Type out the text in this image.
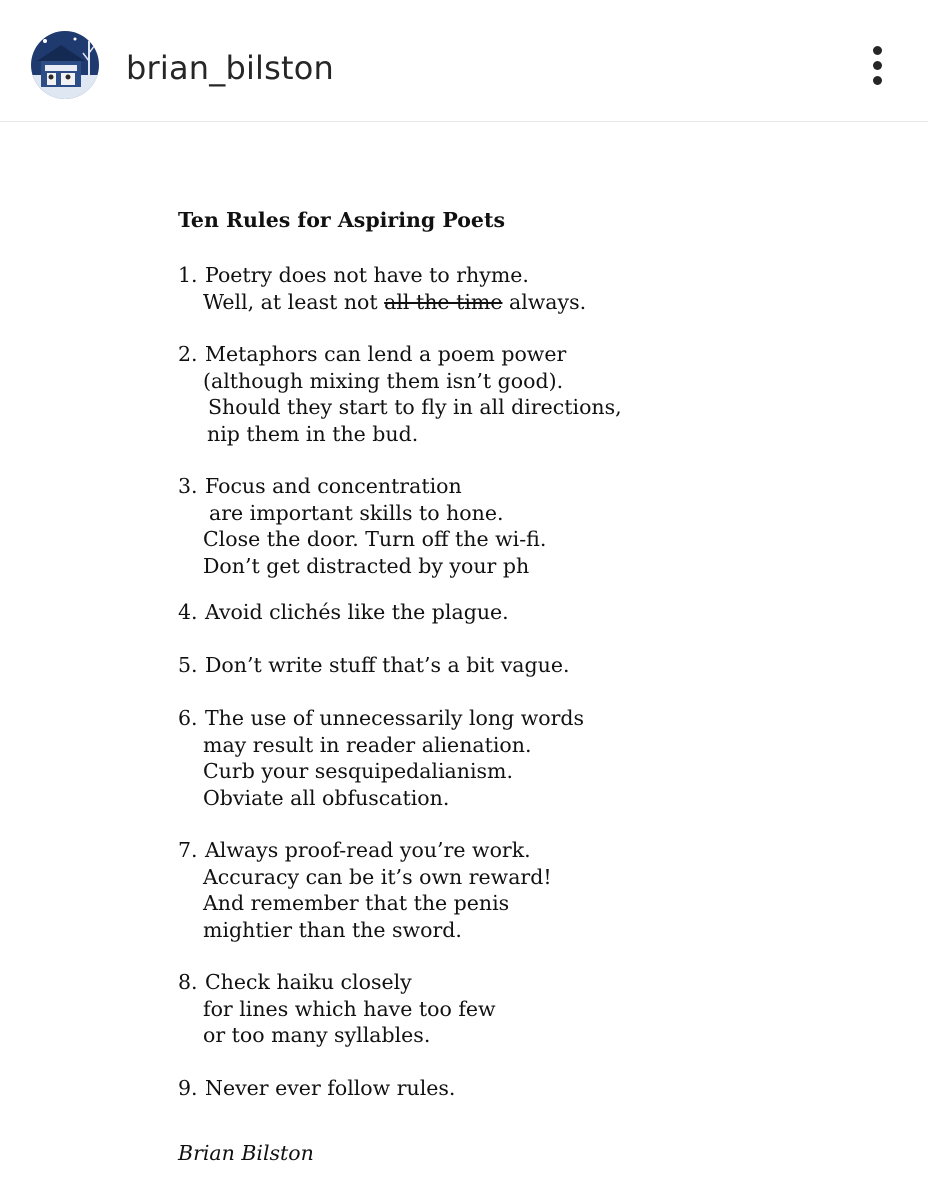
brian_bilston
Ten Rules for Aspiring Poets
1. Poetry does not have to rhyme.
Well, at least not all the time always.
2. Metaphors can lend a poem power
(although mixing them isn’t good).
Should they start to fly in all directions,
nip them in the bud.
3. Focus and concentration
are important skills to hone.
Close the door. Turn off the wi-fi.
Don’t get distracted by your ph
4. Avoid clichés like the plague.
5. Don’t write stuff that’s a bit vague.
6. The use of unnecessarily long words
may result in reader alienation.
Curb your sesquipedalianism.
Obviate all obfuscation.
7. Always proof-read you’re work.
Accuracy can be it’s own reward!
And remember that the penis
mightier than the sword.
8. Check haiku closely
for lines which have too few
or too many syllables.
9. Never ever follow rules.
Brian Bilston
